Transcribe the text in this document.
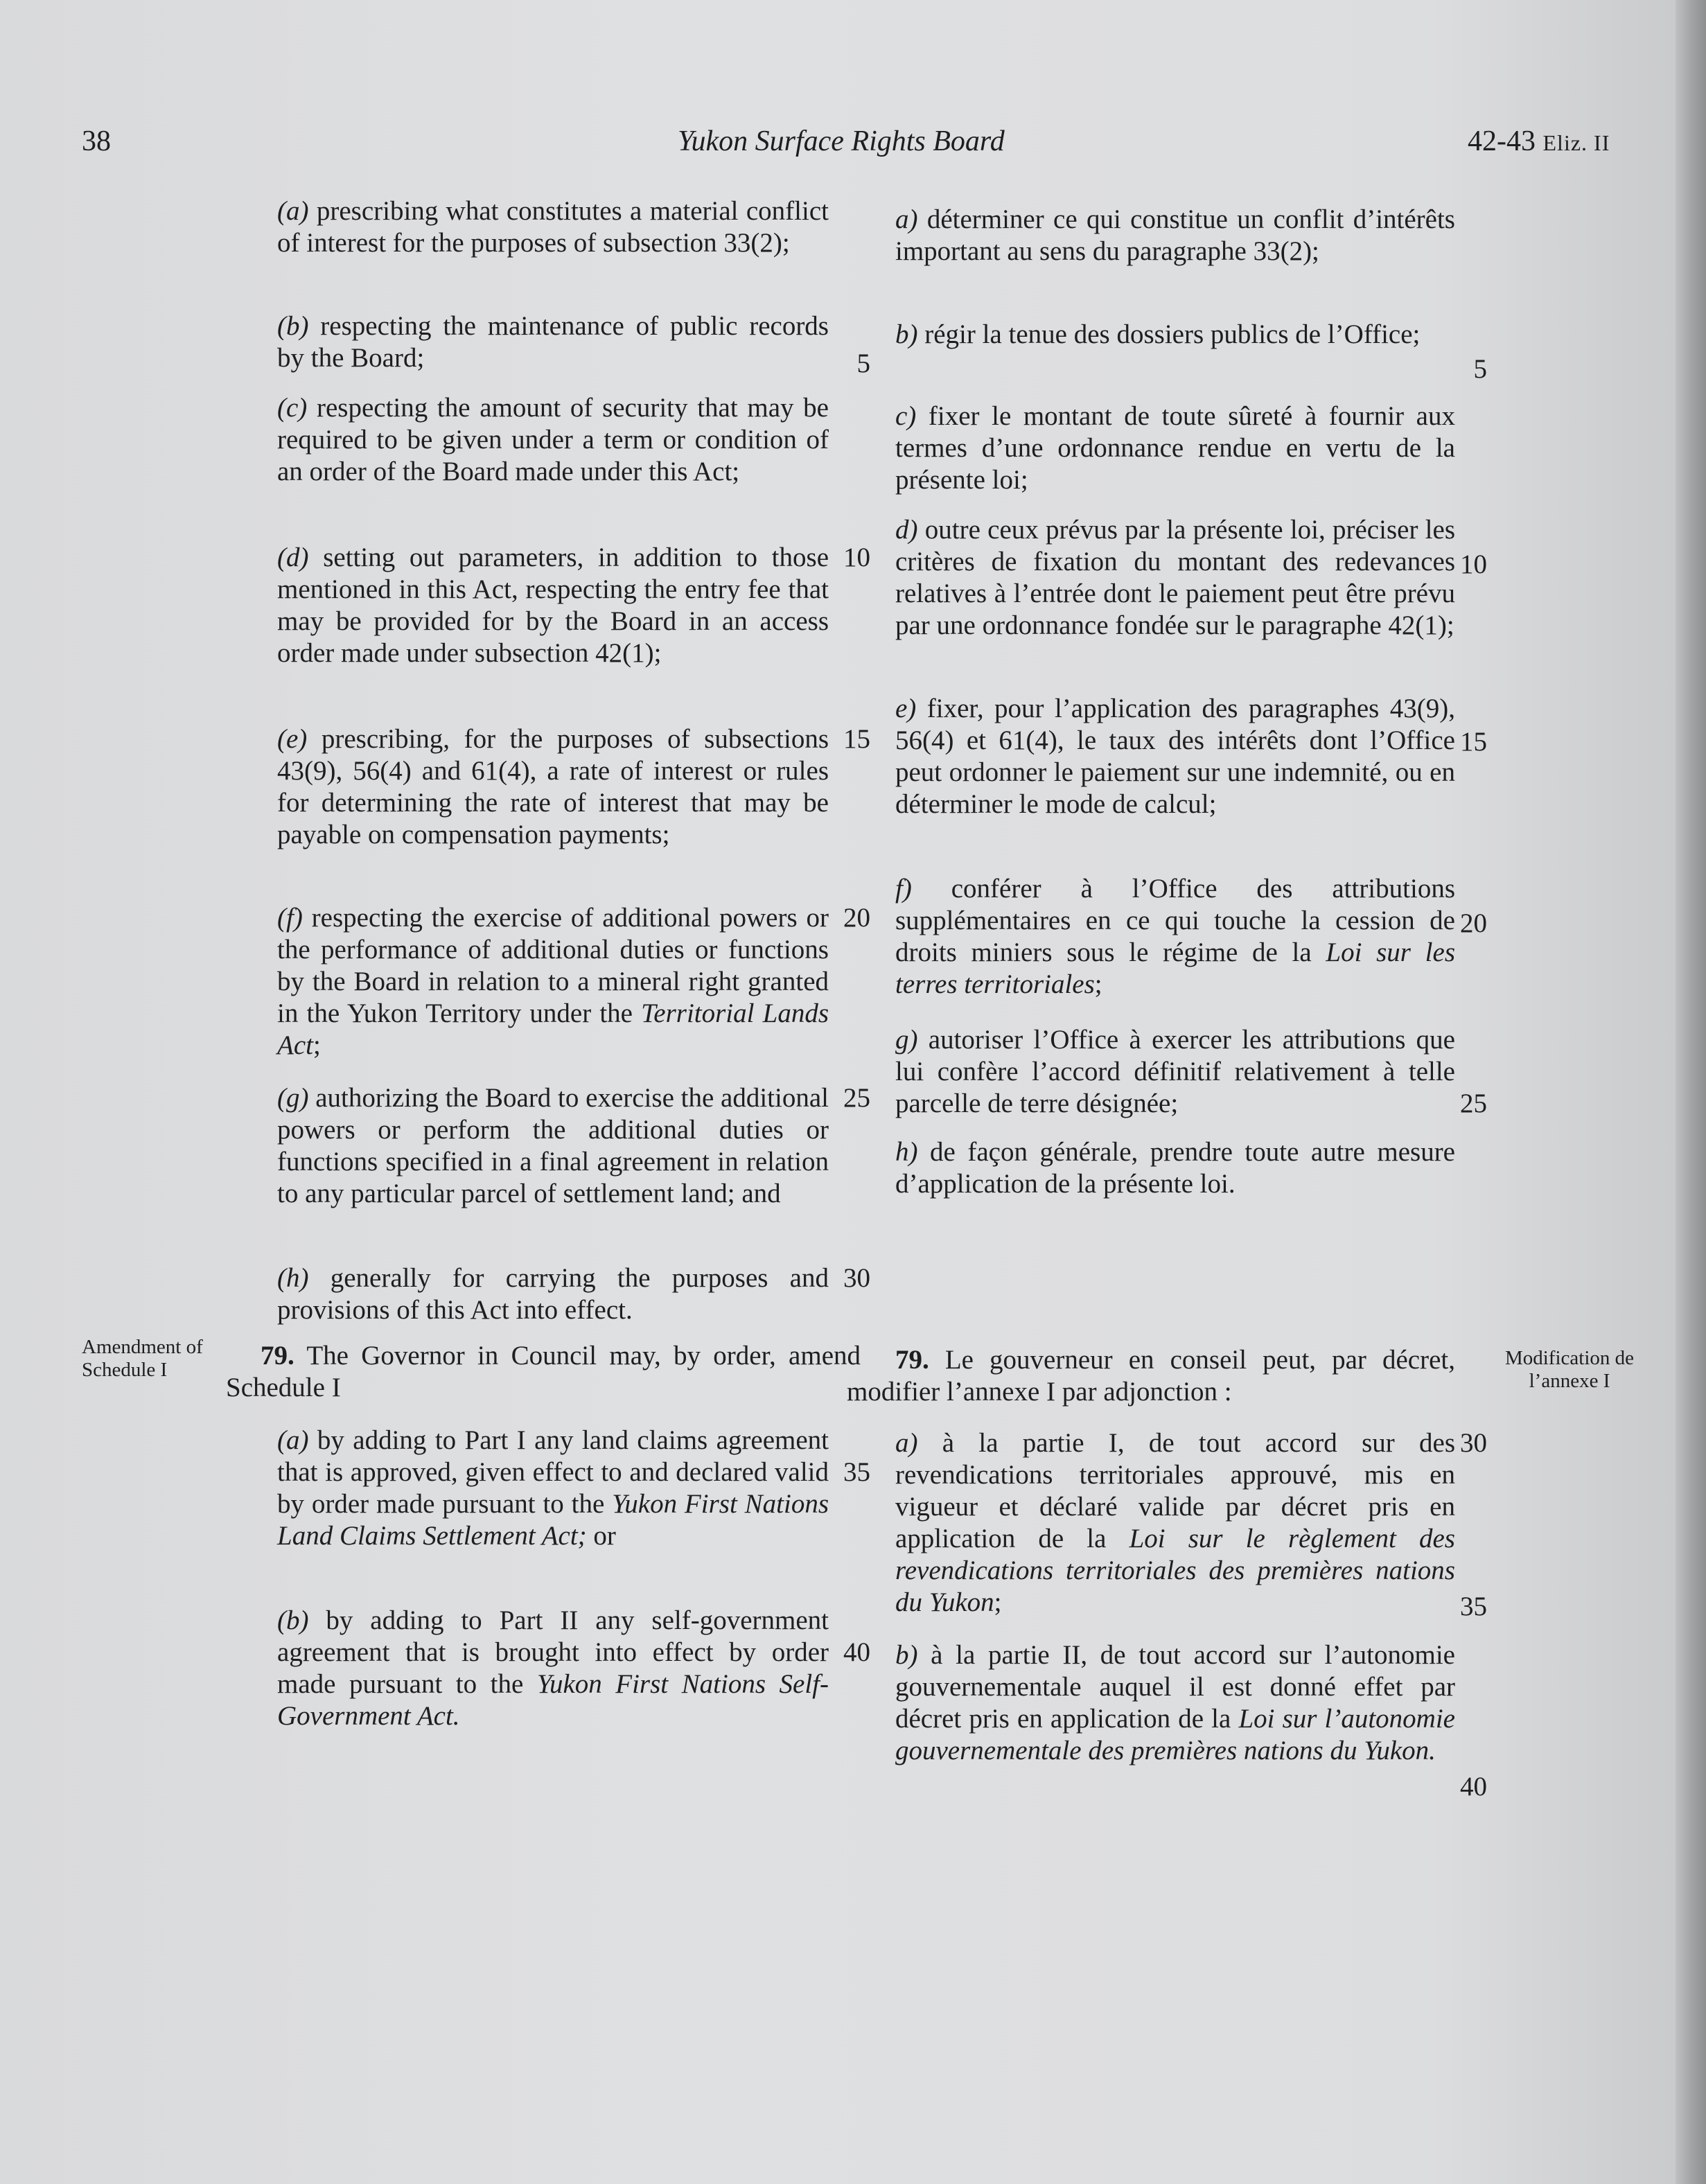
38	Yukon Surface Rights Board	42-43 Eliz. II

(a) prescribing what constitutes a material conflict of interest for the purposes of subsection 33(2);

(b) respecting the maintenance of public records by the Board;

(c) respecting the amount of security that may be required to be given under a term or condition of an order of the Board made under this Act;

(d) setting out parameters, in addition to those mentioned in this Act, respecting the entry fee that may be provided for by the Board in an access order made under subsection 42(1);

(e) prescribing, for the purposes of subsections 43(9), 56(4) and 61(4), a rate of interest or rules for determining the rate of interest that may be payable on compensation payments;

(f) respecting the exercise of additional powers or the performance of additional duties or functions by the Board in relation to a mineral right granted in the Yukon Territory under the Territorial Lands Act;

(g) authorizing the Board to exercise the additional powers or perform the additional duties or functions specified in a final agreement in relation to any particular parcel of settlement land; and

(h) generally for carrying the purposes and provisions of this Act into effect.

Amendment of Schedule I	79. The Governor in Council may, by order, amend Schedule I

(a) by adding to Part I any land claims agreement that is approved, given effect to and declared valid by order made pursuant to the Yukon First Nations Land Claims Settlement Act; or

(b) by adding to Part II any self-government agreement that is brought into effect by order made pursuant to the Yukon First Nations Self-Government Act.

5
10
15
20
25
30
35
40

a) déterminer ce qui constitue un conflit d’intérêts important au sens du paragraphe 33(2);

b) régir la tenue des dossiers publics de l’Office;

c) fixer le montant de toute sûreté à fournir aux termes d’une ordonnance rendue en vertu de la présente loi;

d) outre ceux prévus par la présente loi, préciser les critères de fixation du montant des redevances relatives à l’entrée dont le paiement peut être prévu par une ordonnance fondée sur le paragraphe 42(1);

e) fixer, pour l’application des paragraphes 43(9), 56(4) et 61(4), le taux des intérêts dont l’Office peut ordonner le paiement sur une indemnité, ou en déterminer le mode de calcul;

f) conférer à l’Office des attributions supplémentaires en ce qui touche la cession de droits miniers sous le régime de la Loi sur les terres territoriales;

g) autoriser l’Office à exercer les attributions que lui confère l’accord définitif relativement à telle parcelle de terre désignée;

h) de façon générale, prendre toute autre mesure d’application de la présente loi.

Modification de l’annexe I

79. Le gouverneur en conseil peut, par décret, modifier l’annexe I par adjonction :

a) à la partie I, de tout accord sur des revendications territoriales approuvé, mis en vigueur et déclaré valide par décret pris en application de la Loi sur le règlement des revendications territoriales des premières nations du Yukon;

b) à la partie II, de tout accord sur l’autonomie gouvernementale auquel il est donné effet par décret pris en application de la Loi sur l’autonomie gouvernementale des premières nations du Yukon.

5
10
15
20
25
30
35
40
